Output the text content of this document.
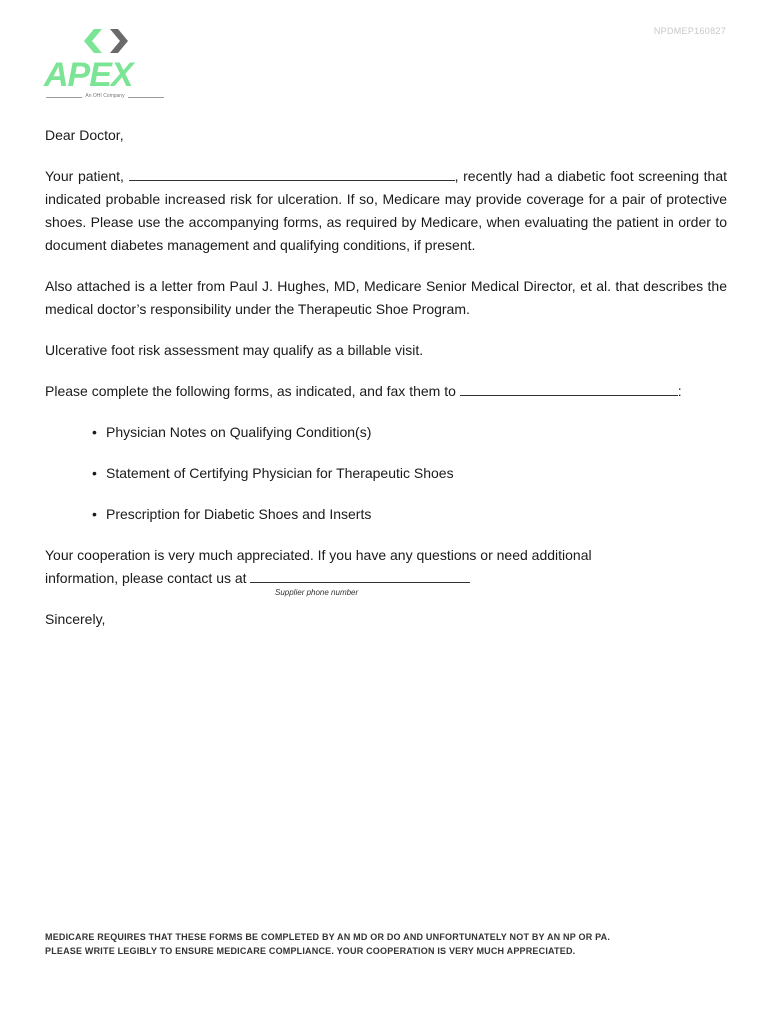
NPDMEP160827
APEX
An OHI Company

Dear Doctor,

Your patient,	, recently had a diabetic foot screening that indicated probable increased risk for ulceration. If so, Medicare may provide coverage for a pair of protective shoes. Please use the accompanying forms, as required by Medicare, when evaluating the patient in order to document diabetes management and qualifying conditions, if present.

Also attached is a letter from Paul J. Hughes, MD, Medicare Senior Medical Director, et al. that describes the medical doctor’s responsibility under the Therapeutic Shoe Program.

Ulcerative foot risk assessment may qualify as a billable visit.

Please complete the following forms, as indicated, and fax them to	:

• Physician Notes on Qualifying Condition(s)
• Statement of Certifying Physician for Therapeutic Shoes
• Prescription for Diabetic Shoes and Inserts

Your cooperation is very much appreciated. If you have any questions or need additional
information, please contact us at

Sincerely,

Supplier phone number
MEDICARE REQUIRES THAT THESE FORMS BE COMPLETED BY AN MD OR DO AND UNFORTUNATELY NOT BY AN NP OR PA.
PLEASE WRITE LEGIBLY TO ENSURE MEDICARE COMPLIANCE. YOUR COOPERATION IS VERY MUCH APPRECIATED.
